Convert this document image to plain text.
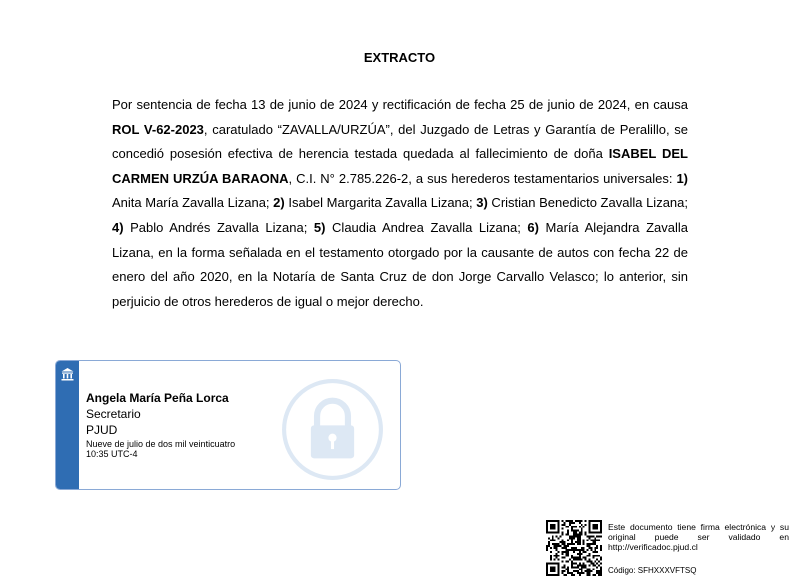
EXTRACTO
Por sentencia de fecha 13 de junio de 2024 y rectificación de fecha 25 de junio de 2024, en causa ROL V-62-2023, caratulado “ZAVALLA/URZÚA”, del Juzgado de Letras y Garantía de Peralillo, se concedió posesión efectiva de herencia testada quedada al fallecimiento de doña ISABEL DEL CARMEN URZÚA BARAONA, C.I. N° 2.785.226-2, a sus herederos testamentarios universales: 1) Anita María Zavalla Lizana; 2) Isabel Margarita Zavalla Lizana; 3) Cristian Benedicto Zavalla Lizana; 4) Pablo Andrés Zavalla Lizana; 5) Claudia Andrea Zavalla Lizana; 6) María Alejandra Zavalla Lizana, en la forma señalada en el testamento otorgado por la causante de autos con fecha 22 de enero del año 2020, en la Notaría de Santa Cruz de don Jorge Carvallo Velasco; lo anterior, sin perjuicio de otros herederos de igual o mejor derecho.
Angela María Peña Lorca
Secretario
PJUD
Nueve de julio de dos mil veinticuatro
10:35 UTC-4
Este documento tiene firma electrónica y su original puede ser validado en http://verificadoc.pjud.cl
Código: SFHXXXVFTSQ
